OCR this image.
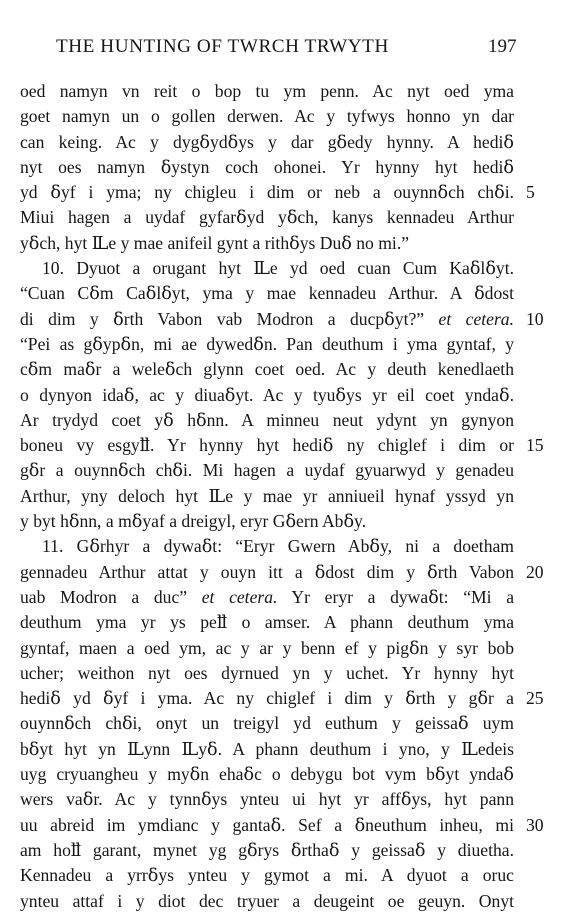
THE HUNTING OF TWRCH TRWYTH	197
oed namyn vn reit o bop tu ym penn. Ac nyt oed yma
goet namyn un o gollen derwen. Ac y tyfwys honno yn dar
can keing. Ac y dygẟydẟys y dar gẟedy hynny. A hediẟ
nyt oes namyn ẟystyn coch ohonei. Yr hynny hyt hediẟ
yd ẟyf i yma; ny chigleu i dim or neb a ouynnẟch chẟi. 5
Miui hagen a uydaf gyfarẟyd yẟch, kanys kennadeu Arthur
yẟch, hyt Ỻe y mae anifeil gynt a rithẟys Duẟ no mi.”
10. Dyuot a orugant hyt Ỻe yd oed cuan Cum Kaẟlẟyt.
“Cuan Cẟm Caẟlẟyt, yma y mae kennadeu Arthur. A ẟdost
di dim y ẟrth Vabon vab Modron a ducpẟyt?” et cetera. 10
“Pei as gẟypẟn, mi ae dywedẟn. Pan deuthum i yma gyntaf, y
cẟm maẟr a weleẟch glynn coet oed. Ac y deuth kenedlaeth
o dynyon idaẟ, ac y diuaẟyt. Ac y tyuẟys yr eil coet yndaẟ.
Ar trydyd coet yẟ hẟnn. A minneu neut ydynt yn gynyon
boneu vy esgyỻ. Yr hynny hyt hediẟ ny chiglef i dim or 15
gẟr a ouynnẟch chẟi. Mi hagen a uydaf gyuarwyd y genadeu
Arthur, yny deloch hyt Ỻe y mae yr anniueil hynaf yssyd yn
y byt hẟnn, a mẟyaf a dreigyl, eryr Gẟern Abẟy.
11. Gẟrhyr a dywaẟt: “Eryr Gwern Abẟy, ni a doetham
gennadeu Arthur attat y ouyn itt a ẟdost dim y ẟrth Vabon 20
uab Modron a duc” et cetera. Yr eryr a dywaẟt: “Mi a
deuthum yma yr ys peỻ o amser. A phann deuthum yma
gyntaf, maen a oed ym, ac y ar y benn ef y pigẟn y syr bob
ucher; weithon nyt oes dyrnued yn y uchet. Yr hynny hyt
hediẟ yd ẟyf i yma. Ac ny chiglef i dim y ẟrth y gẟr a 25
ouynnẟch chẟi, onyt un treigyl yd euthum y geissaẟ uym
bẟyt hyt yn Ỻynn Ỻyẟ. A phann deuthum i yno, y Ỻedeis
uyg cryuangheu y myẟn ehaẟc o debygu bot vym bẟyt yndaẟ
wers vaẟr. Ac y tynnẟys ynteu ui hyt yr affẟys, hyt pann
uu abreid im ymdianc y gantaẟ. Sef a ẟneuthum inheu, mi 30
am hoỻ garant, mynet yg gẟrys ẟrthaẟ y geissaẟ y diuetha.
Kennadeu a yrrẟys ynteu y gymot a mi. A dyuot a oruc
ynteu attaf i y diot dec tryuer a deugeint oe geuyn. Onyt
